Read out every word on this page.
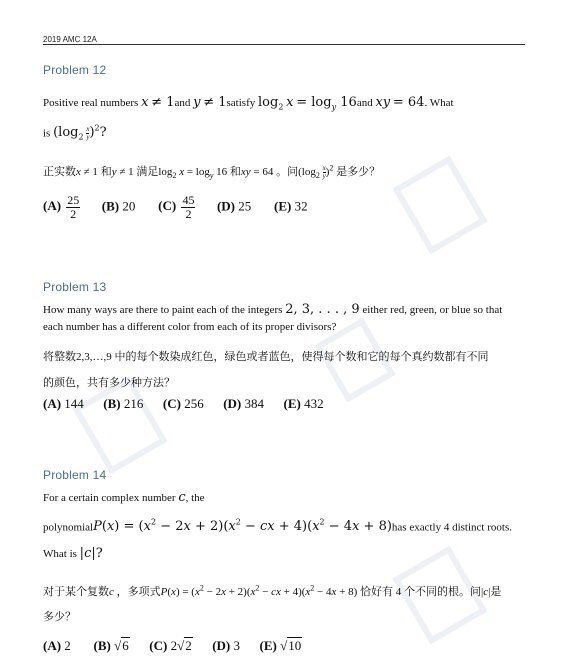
2019 AMC 12A
Problem 12
Positive real numbers x ≠ 1and y ≠ 1satisfy $\log_2 x = \log_y 16and$ xy = 64. What
is $(\log_2 \frac{x}{y})^2$?
正实数x ≠ 1 和y ≠ 1 满足$\log_2 x = \log_y 16$ 和xy = 64 。问$(\log_2 \frac{x}{y})^2$ 是多少？
$(A) \frac{25}{2} (B)$ 20 $(C) \frac{45}{2} (D)$ 25 (E) 32
Problem 13
How many ways are there to paint each of the integers 2, 3, . . . , 9 either red, green, or blue so that
each number has a different color from each of its proper divisors?
将整数2,3,…,9 中的每个数染成红色，绿色或者蓝色，使得每个数和它的每个真约数都有不同
的颜色，共有多少种方法？
(A) 144 (B) 216 (C) 256 (D) 384 (E) 432
Problem 14
For a certain complex number c, the
polynomialP(x) = $(x^2 - 2x + 2)(x^2$ − cx + $4)(x^2 - 4x + 8)has$ exactly 4 distinct roots.
What is |c|?
对于某个复数c ，多项式$P(x) = (x^2 - 2x + 2)(x^2$ − cx + $4)(x^2 - 4x + 8)$ 恰好有 4 个不同的根。问|c|是
多少？
(A) 2 (B) √6 (C) 2√2 (D) 3 (E) √10
